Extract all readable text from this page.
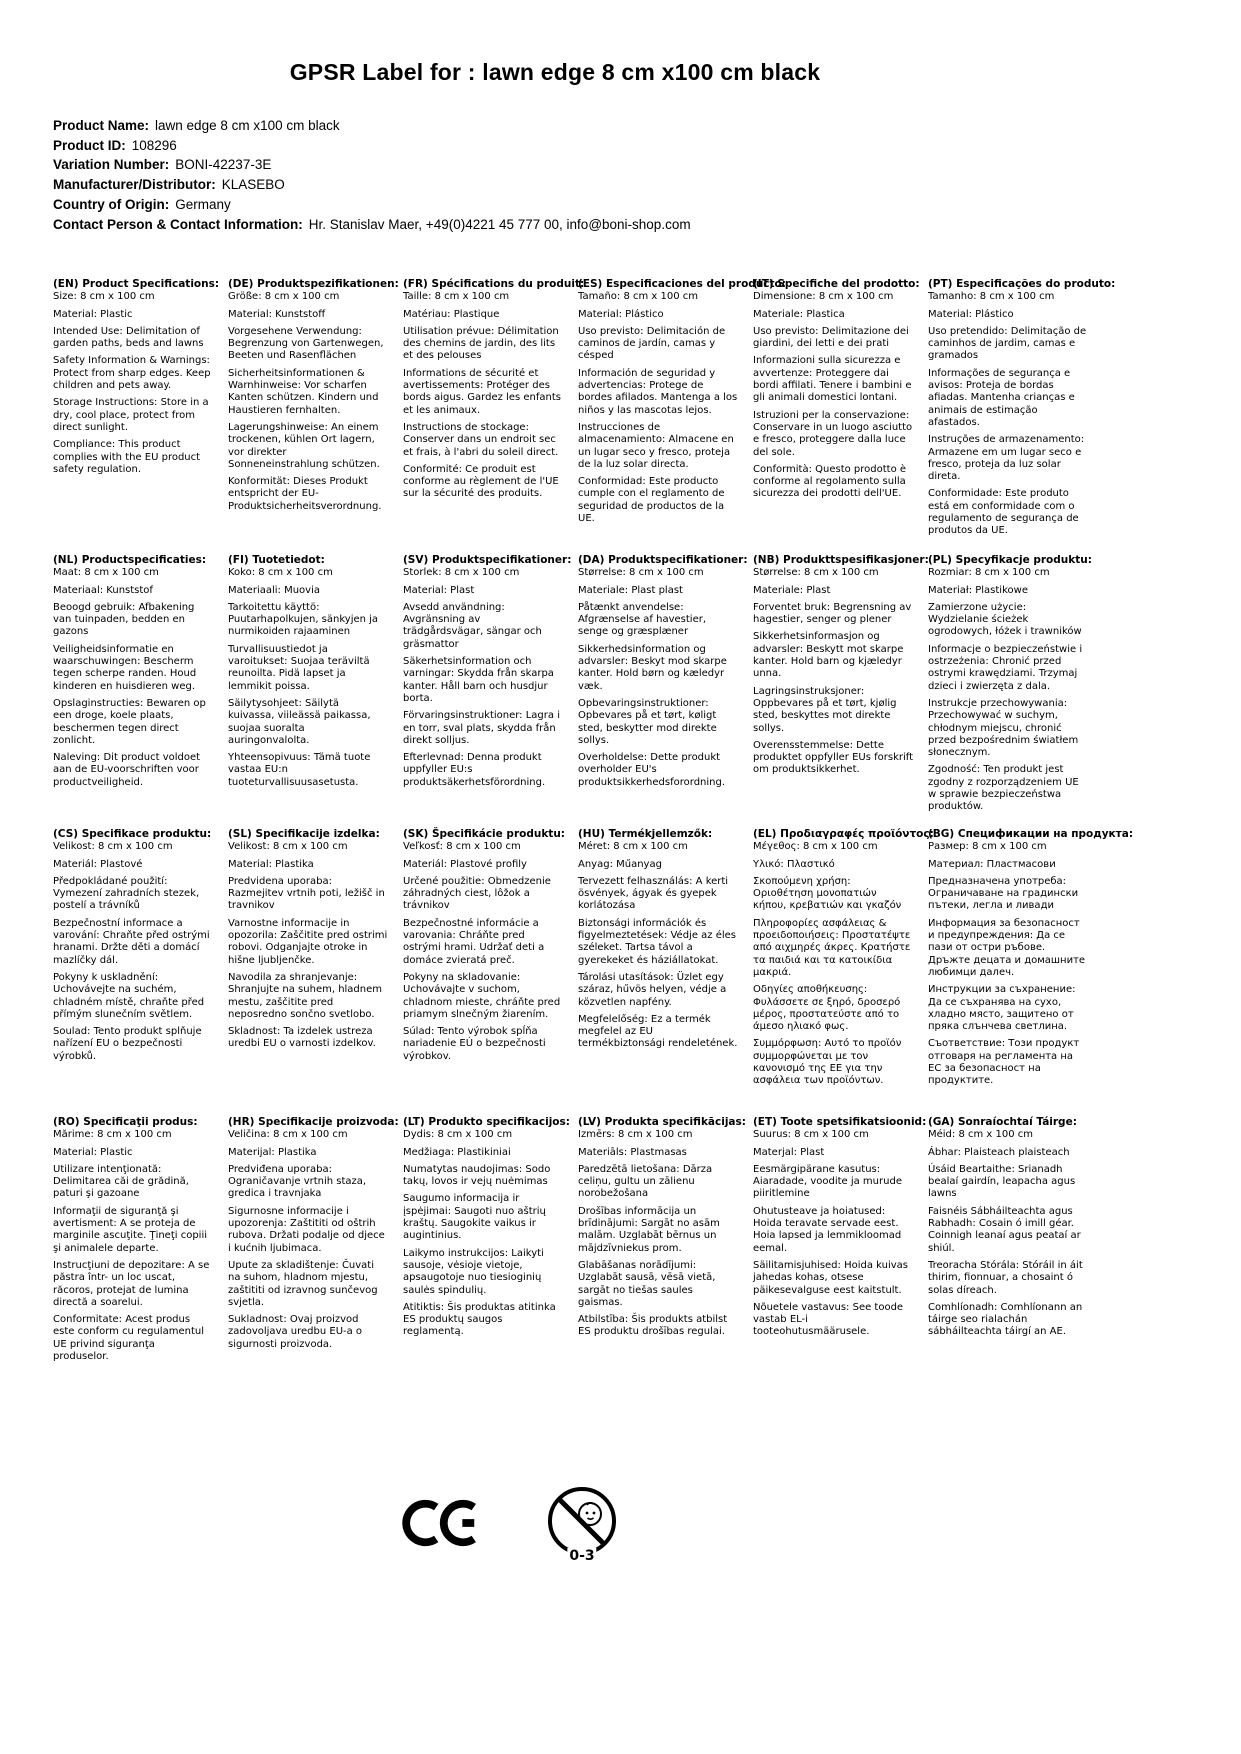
GPSR Label for : lawn edge 8 cm x100 cm black
Product Name: lawn edge 8 cm x100 cm black
Product ID: 108296
Variation Number: BONI-42237-3E
Manufacturer/Distributor: KLASEBO
Country of Origin: Germany
Contact Person & Contact Information: Hr. Stanislav Maer, +49(0)4221 45 777 00, info@boni-shop.com
(EN) Product Specifications:

Size: 8 cm x 100 cm

Material: Plastic

Intended Use: Delimitation of garden paths, beds and lawns

Safety Information & Warnings: Protect from sharp edges. Keep children and pets away.

Storage Instructions: Store in a dry, cool place, protect from direct sunlight.

Compliance: This product complies with the EU product safety regulation.

(DE) Produktspezifikationen:

Größe: 8 cm x 100 cm

Material: Kunststoff

Vorgesehene Verwendung: Begrenzung von Gartenwegen, Beeten und Rasenflächen

Sicherheitsinformationen & Warnhinweise: Vor scharfen Kanten schützen. Kindern und Haustieren fernhalten.

Lagerungshinweise: An einem trockenen, kühlen Ort lagern, vor direkter Sonneneinstrahlung schützen.

Konformität: Dieses Produkt entspricht der EU-Produktsicherheitsverordnung.

(FR) Spécifications du produit:

Taille: 8 cm x 100 cm

Matériau: Plastique

Utilisation prévue: Délimitation des chemins de jardin, des lits et des pelouses

Informations de sécurité et avertissements: Protéger des bords aigus. Gardez les enfants et les animaux.

Instructions de stockage: Conserver dans un endroit sec et frais, à l'abri du soleil direct.

Conformité: Ce produit est conforme au règlement de l'UE sur la sécurité des produits.

(ES) Especificaciones del producto:

Tamaño: 8 cm x 100 cm

Material: Plástico

Uso previsto: Delimitación de caminos de jardín, camas y césped

Información de seguridad y advertencias: Protege de bordes afilados. Mantenga a los niños y las mascotas lejos.

Instrucciones de almacenamiento: Almacene en un lugar seco y fresco, proteja de la luz solar directa.

Conformidad: Este producto cumple con el reglamento de seguridad de productos de la UE.

(IT) Specifiche del prodotto:

Dimensione: 8 cm x 100 cm

Materiale: Plastica

Uso previsto: Delimitazione dei giardini, dei letti e dei prati

Informazioni sulla sicurezza e avvertenze: Proteggere dai bordi affilati. Tenere i bambini e gli animali domestici lontani.

Istruzioni per la conservazione: Conservare in un luogo asciutto e fresco, proteggere dalla luce del sole.

Conformità: Questo prodotto è conforme al regolamento sulla sicurezza dei prodotti dell'UE.

(PT) Especificações do produto:

Tamanho: 8 cm x 100 cm

Material: Plástico

Uso pretendido: Delimitação de caminhos de jardim, camas e gramados

Informações de segurança e avisos: Proteja de bordas afiadas. Mantenha crianças e animais de estimação afastados.

Instruções de armazenamento: Armazene em um lugar seco e fresco, proteja da luz solar direta.

Conformidade: Este produto está em conformidade com o regulamento de segurança de produtos da UE.

(NL) Productspecificaties:

Maat: 8 cm x 100 cm

Materiaal: Kunststof

Beoogd gebruik: Afbakening van tuinpaden, bedden en gazons

Veiligheidsinformatie en waarschuwingen: Bescherm tegen scherpe randen. Houd kinderen en huisdieren weg.

Opslaginstructies: Bewaren op een droge, koele plaats, beschermen tegen direct zonlicht.

Naleving: Dit product voldoet aan de EU-voorschriften voor productveiligheid.

(FI) Tuotetiedot:

Koko: 8 cm x 100 cm

Materiaali: Muovia

Tarkoitettu käyttö: Puutarhapolkujen, sänkyjen ja nurmikoiden rajaaminen

Turvallisuustiedot ja varoitukset: Suojaa teräviltä reunoilta. Pidä lapset ja lemmikit poissa.

Säilytysohjeet: Säilytä kuivassa, viileässä paikassa, suojaa suoralta auringonvalolta.

Yhteensopivuus: Tämä tuote vastaa EU:n tuoteturvallisuusasetusta.

(SV) Produktspecifikationer:

Storlek: 8 cm x 100 cm

Material: Plast

Avsedd användning: Avgränsning av trädgårdsvägar, sängar och gräsmattor

Säkerhetsinformation och varningar: Skydda från skarpa kanter. Håll barn och husdjur borta.

Förvaringsinstruktioner: Lagra i en torr, sval plats, skydda från direkt solljus.

Efterlevnad: Denna produkt uppfyller EU:s produktsäkerhetsförordning.

(DA) Produktspecifikationer:

Størrelse: 8 cm x 100 cm

Materiale: Plast plast

Påtænkt anvendelse: Afgrænselse af havestier, senge og græsplæner

Sikkerhedsinformation og advarsler: Beskyt mod skarpe kanter. Hold børn og kæledyr væk.

Opbevaringsinstruktioner: Opbevares på et tørt, køligt sted, beskytter mod direkte sollys.

Overholdelse: Dette produkt overholder EU's produktsikkerhedsforordning.

(NB) Produkttspesifikasjoner:

Størrelse: 8 cm x 100 cm

Materiale: Plast

Forventet bruk: Begrensning av hagestier, senger og plener

Sikkerhetsinformasjon og advarsler: Beskytt mot skarpe kanter. Hold barn og kjæledyr unna.

Lagringsinstruksjoner: Oppbevares på et tørt, kjølig sted, beskyttes mot direkte sollys.

Overensstemmelse: Dette produktet oppfyller EUs forskrift om produktsikkerhet.

(PL) Specyfikacje produktu:

Rozmiar: 8 cm x 100 cm

Materiał: Plastikowe

Zamierzone użycie: Wydzielanie ścieżek ogrodowych, łóżek i trawników

Informacje o bezpieczeństwie i ostrzeżenia: Chronić przed ostrymi krawędziami. Trzymaj dzieci i zwierzęta z dala.

Instrukcje przechowywania: Przechowywać w suchym, chłodnym miejscu, chronić przed bezpośrednim światłem słonecznym.

Zgodność: Ten produkt jest zgodny z rozporządzeniem UE w sprawie bezpieczeństwa produktów.

(CS) Specifikace produktu:

Velikost: 8 cm x 100 cm

Materiál: Plastové

Předpokládané použití: Vymezení zahradních stezek, postelí a trávníků

Bezpečnostní informace a varování: Chraňte před ostrými hranami. Držte děti a domácí mazlíčky dál.

Pokyny k uskladnění: Uchovávejte na suchém, chladném místě, chraňte před přímým slunečním světlem.

Soulad: Tento produkt splňuje nařízení EU o bezpečnosti výrobků.

(SL) Specifikacije izdelka:

Velikost: 8 cm x 100 cm

Material: Plastika

Predvidena uporaba: Razmejitev vrtnih poti, ležišč in travnikov

Varnostne informacije in opozorila: Zaščitite pred ostrimi robovi. Odganjajte otroke in hišne ljubljenčke.

Navodila za shranjevanje: Shranjujte na suhem, hladnem mestu, zaščitite pred neposredno sončno svetlobo.

Skladnost: Ta izdelek ustreza uredbi EU o varnosti izdelkov.

(SK) Špecifikácie produktu:

Veľkosť: 8 cm x 100 cm

Materiál: Plastové profily

Určené použitie: Obmedzenie záhradných ciest, lôžok a trávnikov

Bezpečnostné informácie a varovania: Chráňte pred ostrými hrami. Udržať deti a domáce zvieratá preč.

Pokyny na skladovanie: Uchovávajte v suchom, chladnom mieste, chráňte pred priamym slnečným žiarením.

Súlad: Tento výrobok spĺňa nariadenie EÚ o bezpečnosti výrobkov.

(HU) Termékjellemzők:

Méret: 8 cm x 100 cm

Anyag: Műanyag

Tervezett felhasználás: A kerti ösvények, ágyak és gyepek korlátozása

Biztonsági információk és figyelmeztetések: Védje az éles széleket. Tartsa távol a gyerekeket és háziállatokat.

Tárolási utasítások: Üzlet egy száraz, hűvös helyen, védje a közvetlen napfény.

Megfelelőség: Ez a termék megfelel az EU termékbiztonsági rendeletének.

(EL) Προδιαγραφές προϊόντος:

Μέγεθος: 8 cm x 100 cm

Υλικό: Πλαστικό

Σκοπούμενη χρήση: Οριοθέτηση μονοπατιών κήπου, κρεβατιών και γκαζόν

Πληροφορίες ασφάλειας & προειδοποιήσεις: Προστατέψτε από αιχμηρές άκρες. Κρατήστε τα παιδιά και τα κατοικίδια μακριά.

Οδηγίες αποθήκευσης: Φυλάσσετε σε ξηρό, δροσερό μέρος, προστατεύστε από το άμεσο ηλιακό φως.

Συμμόρφωση: Αυτό το προϊόν συμμορφώνεται με τον κανονισμό της ΕΕ για την ασφάλεια των προϊόντων.

(BG) Спецификации на продукта:

Размер: 8 cm x 100 cm

Материал: Пластмасови

Предназначена употреба: Ограничаване на градински пътеки, легла и ливади

Информация за безопасност и предупреждения: Да се пази от остри ръбове. Дръжте децата и домашните любимци далеч.

Инструкции за съхранение: Да се съхранява на сухо, хладно място, защитено от пряка слънчева светлина.

Съответствие: Този продукт отговаря на регламента на ЕС за безопасност на продуктите.

(RO) Specificaţii produs:

Mărime: 8 cm x 100 cm

Material: Plastic

Utilizare intenţionată: Delimitarea căi de grădină, paturi şi gazoane

Informaţii de siguranţă şi avertisment: A se proteja de marginile ascuţite. Ţineţi copiii şi animalele departe.

Instrucţiuni de depozitare: A se păstra într- un loc uscat, răcoros, protejat de lumina directă a soarelui.

Conformitate: Acest produs este conform cu regulamentul UE privind siguranţa produselor.

(HR) Specifikacije proizvoda:

Veličina: 8 cm x 100 cm

Materijal: Plastika

Predviđena uporaba: Ograničavanje vrtnih staza, gredica i travnjaka

Sigurnosne informacije i upozorenja: Zaštititi od oštrih rubova. Držati podalje od djece i kućnih ljubimaca.

Upute za skladištenje: Čuvati na suhom, hladnom mjestu, zaštititi od izravnog sunčevog svjetla.

Sukladnost: Ovaj proizvod zadovoljava uredbu EU-a o sigurnosti proizvoda.

(LT) Produkto specifikacijos:

Dydis: 8 cm x 100 cm

Medžiaga: Plastikiniai

Numatytas naudojimas: Sodo takų, lovos ir vejų nuėmimas

Saugumo informacija ir įspėjimai: Saugoti nuo aštrių kraštų. Saugokite vaikus ir augintinius.

Laikymo instrukcijos: Laikyti sausoje, vėsioje vietoje, apsaugotoje nuo tiesioginių saulės spindulių.

Atitiktis: Šis produktas atitinka ES produktų saugos reglamentą.

(LV) Produkta specifikācijas:

Izmērs: 8 cm x 100 cm

Materiāls: Plastmasas

Paredzētā lietošana: Dārza celiņu, gultu un zālienu norobežošana

Drošības informācija un brīdinājumi: Sargāt no asām malām. Uzglabāt bērnus un mājdzīvniekus prom.

Glabāšanas norādījumi: Uzglabāt sausā, vēsā vietā, sargāt no tiešas saules gaismas.

Atbilstība: Šis produkts atbilst ES produktu drošības regulai.

(ET) Toote spetsifikatsioonid:

Suurus: 8 cm x 100 cm

Materjal: Plast

Eesmärgipärane kasutus: Aiaradade, voodite ja murude piiritlemine

Ohutusteave ja hoiatused: Hoida teravate servade eest. Hoia lapsed ja lemmikloomad eemal.

Säilitamisjuhised: Hoida kuivas jahedas kohas, otsese päikesevalguse eest kaitstult.

Nõuetele vastavus: See toode vastab EL-i tooteohutusmäärusele.

(GA) Sonraíochtaí Táirge:

Méid: 8 cm x 100 cm

Ábhar: Plaisteach plaisteach

Úsáid Beartaithe: Srianadh bealaí gairdín, leapacha agus lawns

Faisnéis Sábháilteachta agus Rabhadh: Cosain ó imill géar. Coinnigh leanaí agus peataí ar shiúl.

Treoracha Stórála: Stóráil in áit thirim, fionnuar, a chosaint ó solas díreach.

Comhlíonadh: Comhlíonann an táirge seo rialachán sábháilteachta táirgí an AE.

0-3
